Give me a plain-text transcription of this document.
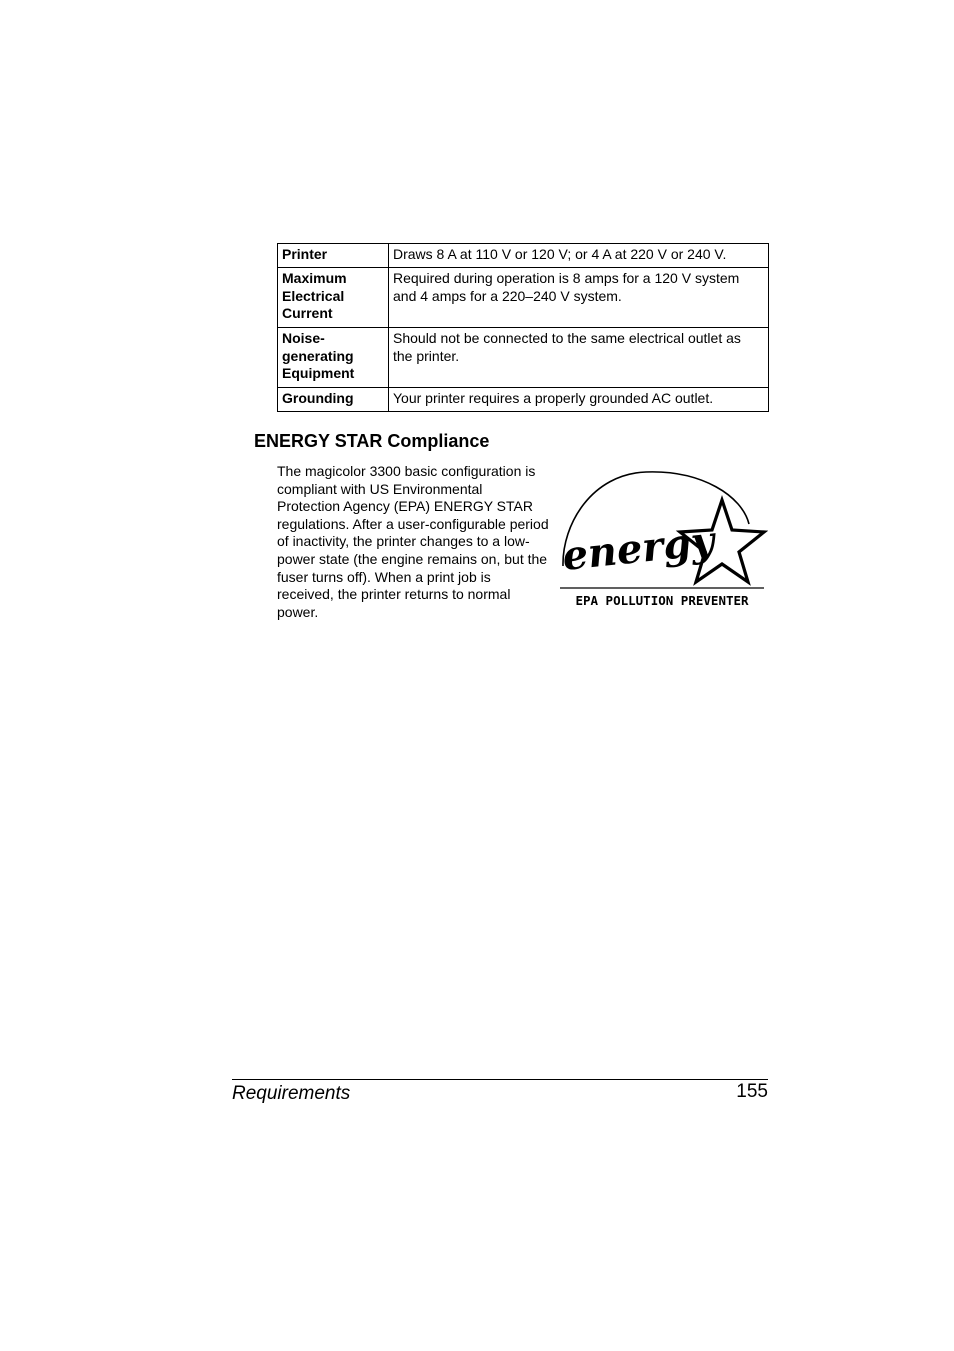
Printer	Draws 8 A at 110 V or 120 V; or 4 A at 220 V or 240 V.
Maximum Electrical Current	Required during operation is 8 amps for a 120 V system and 4 amps for a 220–240 V system.
Noise-generating Equipment	Should not be connected to the same electrical outlet as the printer.
Grounding	Your printer requires a properly grounded AC outlet.
ENERGY STAR Compliance

The magicolor 3300 basic configuration is compliant with US Environmental Protection Agency (EPA) ENERGY STAR regulations. After a user-configurable period of inactivity, the printer changes to a low-power state (the engine remains on, but the fuser turns off). When a print job is received, the printer returns to normal power.

energy
EPA POLLUTION PREVENTER
Requirements	155
